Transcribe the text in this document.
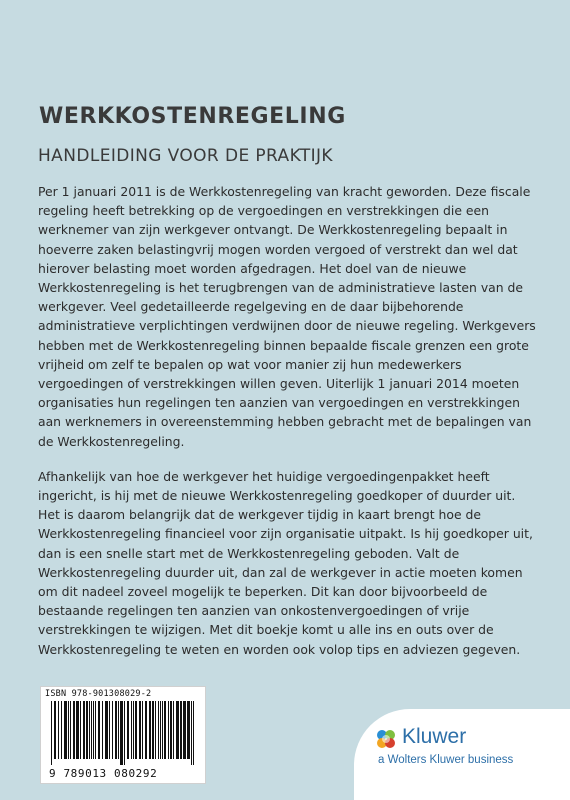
WERKKOSTENREGELING
HANDLEIDING VOOR DE PRAKTIJK

Per 1 januari 2011 is de Werkkostenregeling van kracht geworden. Deze fiscale regeling heeft betrekking op de vergoedingen en verstrekkingen die een werknemer van zijn werkgever ontvangt. De Werkkostenregeling bepaalt in hoeverre zaken belastingvrij mogen worden vergoed of verstrekt dan wel dat hierover belasting moet worden afgedragen. Het doel van de nieuwe Werkkostenregeling is het terugbrengen van de administratieve lasten van de werkgever. Veel gedetailleerde regelgeving en de daar bijbehorende administratieve verplichtingen verdwijnen door de nieuwe regeling. Werkgevers hebben met de Werkkostenregeling binnen bepaalde fiscale grenzen een grote vrijheid om zelf te bepalen op wat voor manier zij hun medewerkers vergoedingen of verstrekkingen willen geven. Uiterlijk 1 januari 2014 moeten organisaties hun regelingen ten aanzien van vergoedingen en verstrekkingen aan werknemers in overeenstemming hebben gebracht met de bepalingen van de Werkkostenregeling.

Afhankelijk van hoe de werkgever het huidige vergoedingenpakket heeft ingericht, is hij met de nieuwe Werkkostenregeling goedkoper of duurder uit. Het is daarom belangrijk dat de werkgever tijdig in kaart brengt hoe de Werkkostenregeling financieel voor zijn organisatie uitpakt. Is hij goedkoper uit, dan is een snelle start met de Werkkostenregeling geboden. Valt de Werkkostenregeling duurder uit, dan zal de werkgever in actie moeten komen om dit nadeel zoveel mogelijk te beperken. Dit kan door bijvoorbeeld de bestaande regelingen ten aanzien van onkostenvergoedingen of vrije verstrekkingen te wijzigen. Met dit boekje komt u alle ins en outs over de Werkkostenregeling te weten en worden ook volop tips en adviezen gegeven.

ISBN 978-901308029-2
9 789013 080292
Kluwer
a Wolters Kluwer business
